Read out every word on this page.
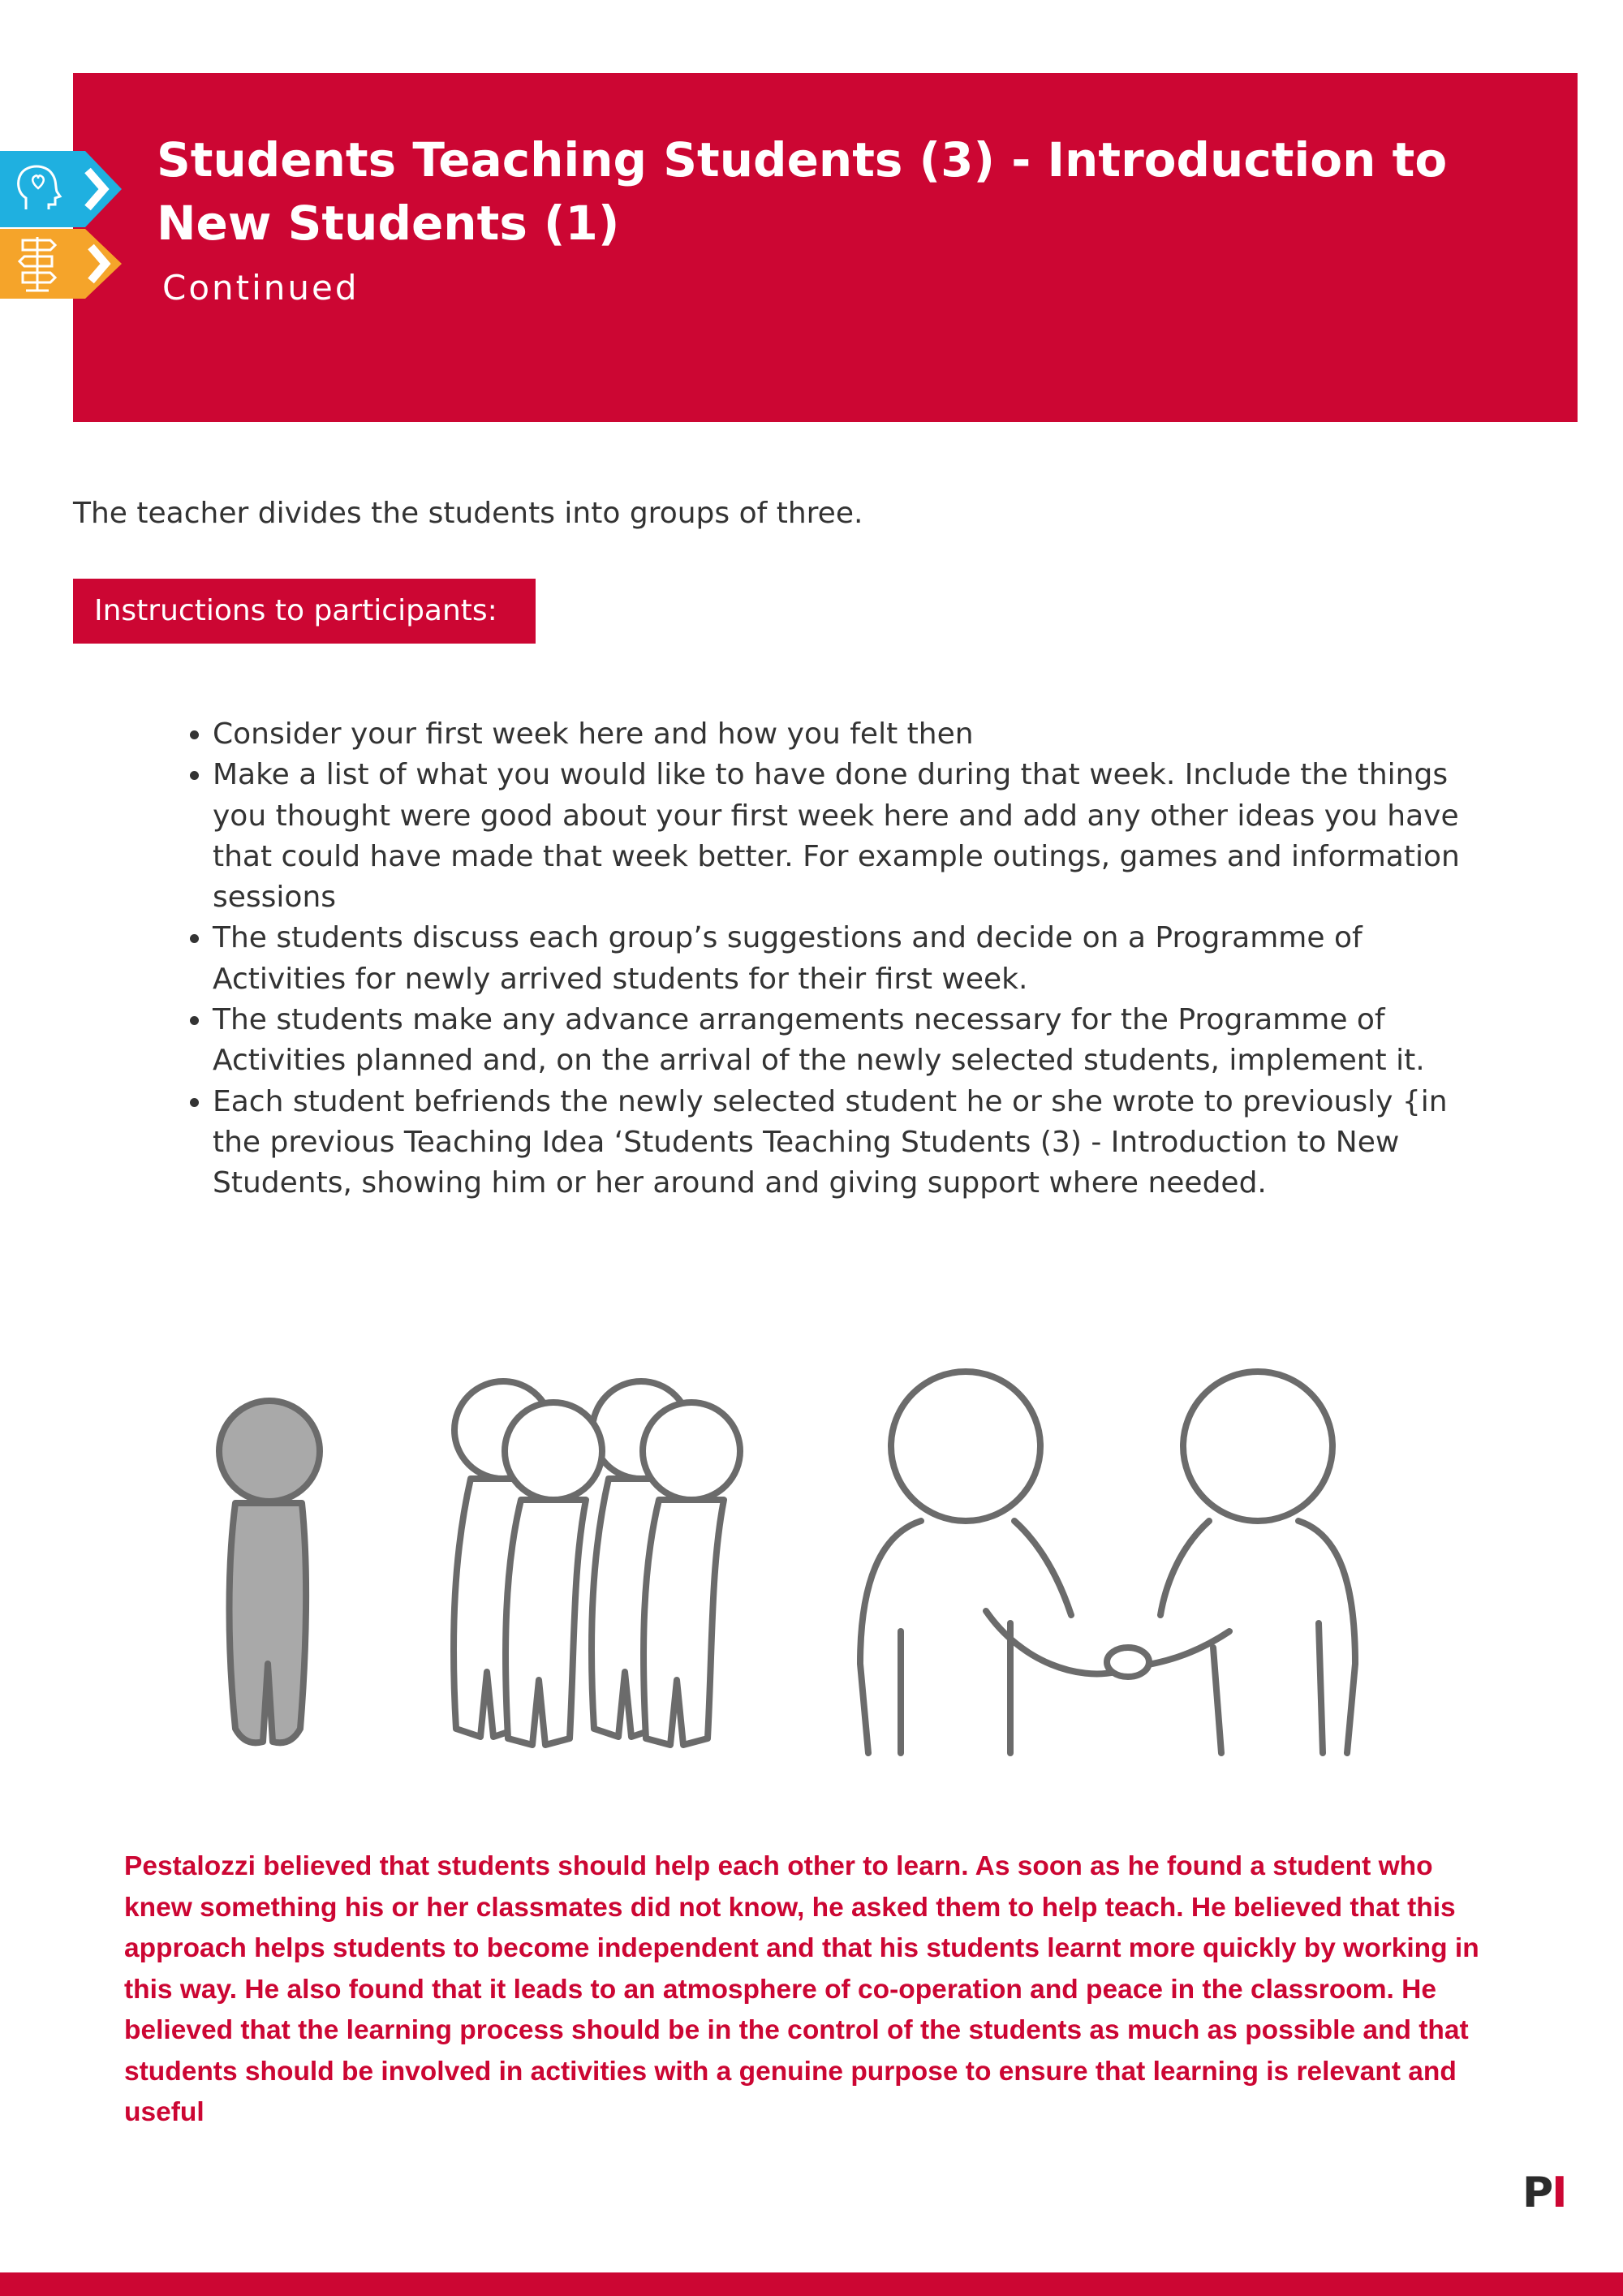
Students Teaching Students (3) - Introduction to New Students (1)
Continued

The teacher divides the students into groups of three.

Instructions to participants:
• Consider your first week here and how you felt then
• Make a list of what you would like to have done during that week. Include the things you thought were good about your first week here and add any other ideas you have that could have made that week better. For example outings, games and information sessions
• The students discuss each group’s suggestions and decide on a Programme of Activities for newly arrived students for their first week.
• The students make any advance arrangements necessary for the Programme of Activities planned and, on the arrival of the newly selected students, implement it.
• Each student befriends the newly selected student he or she wrote to previously {in the previous Teaching Idea ‘Students Teaching Students (3) - Introduction to New Students, showing him or her around and giving support where needed.

Pestalozzi believed that students should help each other to learn. As soon as he found a student who knew something his or her classmates did not know, he asked them to help teach. He believed that this approach helps students to become independent and that his students learnt more quickly by working in this way. He also found that it leads to an atmosphere of co-operation and peace in the classroom. He believed that the learning process should be in the control of the students as much as possible and that students should be involved in activities with a genuine purpose to ensure that learning is relevant and useful

PI
